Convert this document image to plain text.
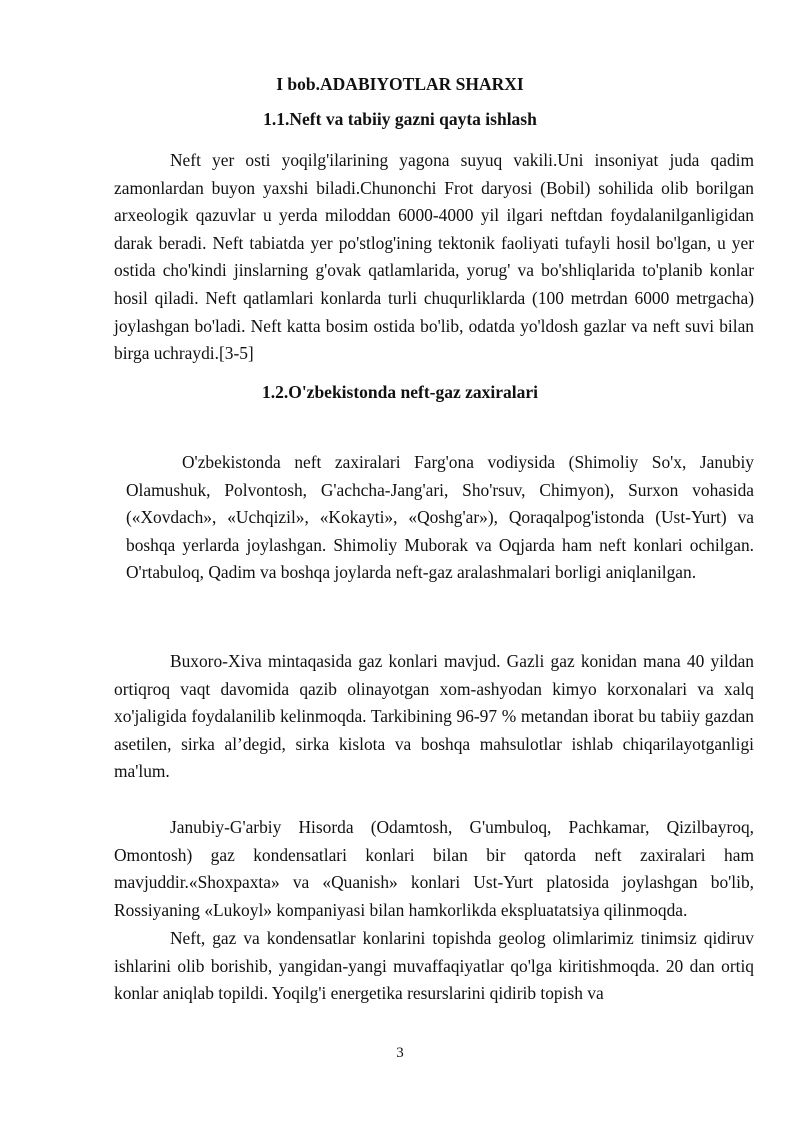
I bob.ADABIYOTLAR SHARXI
1.1.Neft va tabiiy gazni qayta ishlash

Neft yer osti yoqilg'ilarining yagona suyuq vakili.Uni insoniyat juda qadim zamonlardan buyon yaxshi biladi.Chunonchi Frot daryosi (Bobil) sohilida olib borilgan arxeologik qazuvlar u yerda miloddan 6000-4000 yil ilgari neftdan foydalanilganligidan darak beradi. Neft tabiatda yer po'stlog'ining tektonik faoliyati tufayli hosil bo'lgan, u yer ostida cho'kindi jinslarning g'ovak qatlamlarida, yorug' va bo'shliqlarida to'planib konlar hosil qiladi. Neft qatlamlari konlarda turli chuqurliklarda (100 metrdan 6000 metrgacha) joylashgan bo'ladi. Neft katta bosim ostida bo'lib, odatda yo'ldosh gazlar va neft suvi bilan birga uchraydi.[3-5]

1.2.O'zbekistonda neft-gaz zaxiralari

O'zbekistonda neft zaxiralari Farg'ona vodiysida (Shimoliy So'x, Janubiy Olamushuk, Polvontosh, G'achcha-Jang'ari, Sho'rsuv, Chimyon), Surxon vohasida («Xovdach», «Uchqizil», «Kokayti», «Qoshg'ar»), Qoraqalpog'istonda (Ust-Yurt) va boshqa yerlarda joylashgan. Shimoliy Muborak va Oqjarda ham neft konlari ochilgan. O'rtabuloq, Qadim va boshqa joylarda neft-gaz aralashmalari borligi aniqlanilgan.

Buxoro-Xiva mintaqasida gaz konlari mavjud. Gazli gaz konidan mana 40 yildan ortiqroq vaqt davomida qazib olinayotgan xom-ashyodan kimyo korxonalari va xalq xo'jaligida foydalanilib kelinmoqda. Tarkibining 96-97 % metandan iborat bu tabiiy gazdan asetilen, sirka al’degid, sirka kislota va boshqa mahsulotlar ishlab chiqarilayotganligi ma'lum.

Janubiy-G'arbiy Hisorda (Odamtosh, G'umbuloq, Pachkamar, Qizilbayroq, Omontosh) gaz kondensatlari konlari bilan bir qatorda neft zaxiralari ham mavjuddir.«Shoxpaxta» va «Quanish» konlari Ust-Yurt platosida joylashgan bo'lib, Rossiyaning «Lukoyl» kompaniyasi bilan hamkorlikda ekspluatatsiya qilinmoqda.

Neft, gaz va kondensatlar konlarini topishda geolog olimlarimiz tinimsiz qidiruv ishlarini olib borishib, yangidan-yangi muvaffaqiyatlar qo'lga kiritishmoqda. 20 dan ortiq konlar aniqlab topildi. Yoqilg'i energetika resurslarini qidirib topish va

3
